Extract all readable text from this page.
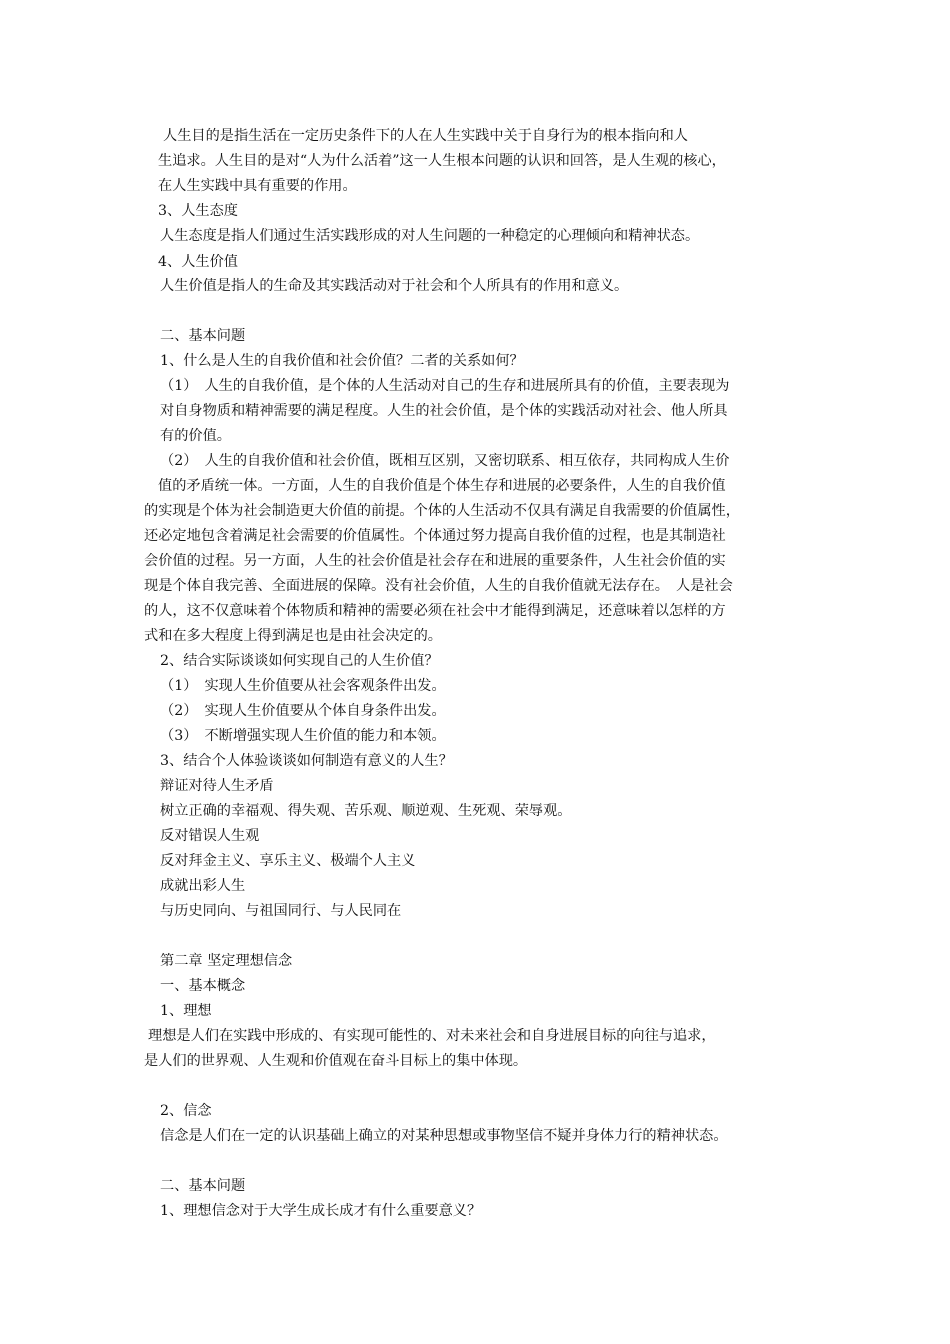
人生目的是指生活在一定历史条件下的人在人生实践中关于自身行为的根本指向和人
生追求。人生目的是对“人为什么活着”这一人生根本问题的认识和回答，是人生观的核心，
在人生实践中具有重要的作用。
3、人生态度
人生态度是指人们通过生活实践形成的对人生问题的一种稳定的心理倾向和精神状态。
4、人生价值
人生价值是指人的生命及其实践活动对于社会和个人所具有的作用和意义。
二、基本问题
1、什么是人生的自我价值和社会价值？二者的关系如何？
（1）　人生的自我价值，是个体的人生活动对自己的生存和进展所具有的价值，主要表现为
对自身物质和精神需要的满足程度。人生的社会价值，是个体的实践活动对社会、他人所具
有的价值。
（2）　人生的自我价值和社会价值，既相互区别，又密切联系、相互依存，共同构成人生价
值的矛盾统一体。一方面，人生的自我价值是个体生存和进展的必要条件，人生的自我价值
的实现是个体为社会制造更大价值的前提。个体的人生活动不仅具有满足自我需要的价值属性，
还必定地包含着满足社会需要的价值属性。个体通过努力提高自我价值的过程，也是其制造社
会价值的过程。另一方面，人生的社会价值是社会存在和进展的重要条件，人生社会价值的实
现是个体自我完善、全面进展的保障。没有社会价值，人生的自我价值就无法存在。　人是社会
的人，这不仅意味着个体物质和精神的需要必须在社会中才能得到满足，还意味着以怎样的方
式和在多大程度上得到满足也是由社会决定的。
2、结合实际谈谈如何实现自己的人生价值？
（1）　实现人生价值要从社会客观条件出发。
（2）　实现人生价值要从个体自身条件出发。
（3）　不断增强实现人生价值的能力和本领。
3、结合个人体验谈谈如何制造有意义的人生？
辩证对待人生矛盾
树立正确的幸福观、得失观、苦乐观、顺逆观、生死观、荣辱观。
反对错误人生观
反对拜金主义、享乐主义、极端个人主义
成就出彩人生
与历史同向、与祖国同行、与人民同在
第二章 坚定理想信念
一、基本概念
1、理想
理想是人们在实践中形成的、有实现可能性的、对未来社会和自身进展目标的向往与追求，
是人们的世界观、人生观和价值观在奋斗目标上的集中体现。
2、信念
信念是人们在一定的认识基础上确立的对某种思想或事物坚信不疑并身体力行的精神状态。
二、基本问题
1、理想信念对于大学生成长成才有什么重要意义？
